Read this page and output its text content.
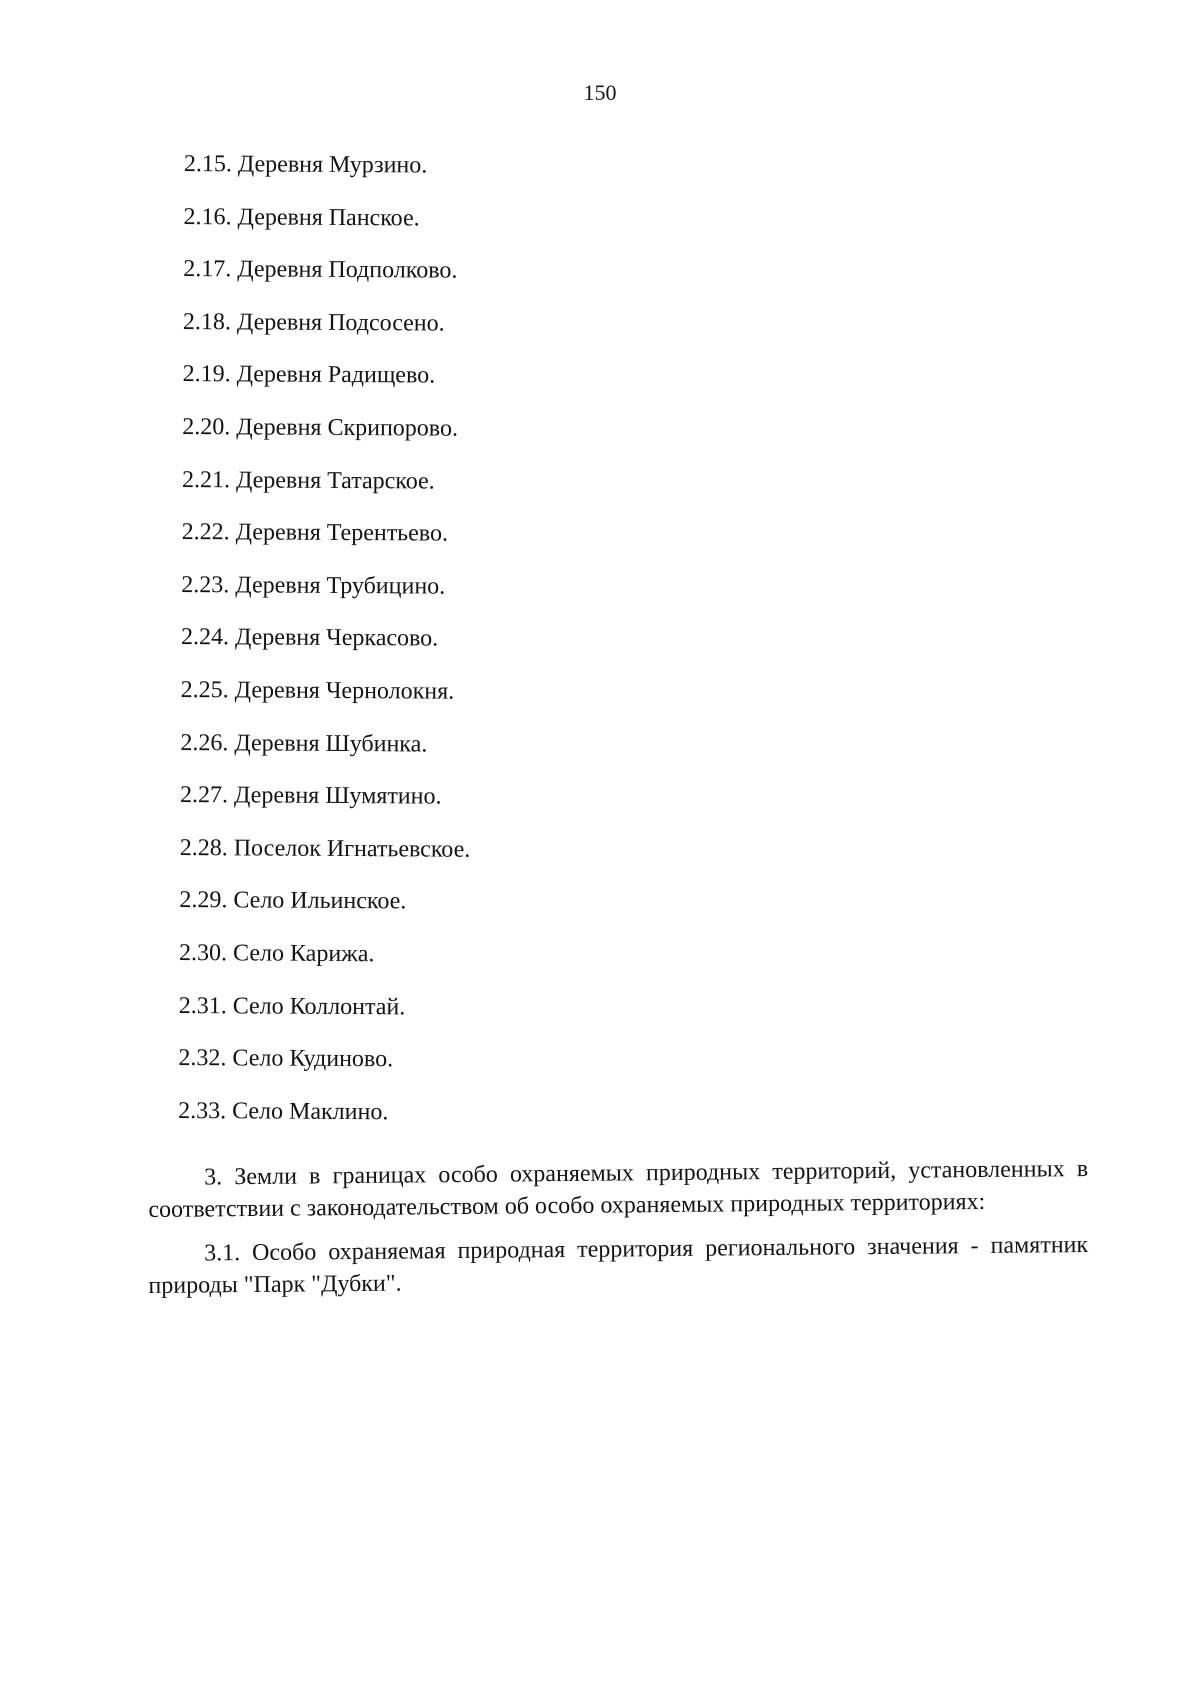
150
2.15. Деревня Мурзино.
2.16. Деревня Панское.
2.17. Деревня Подполково.
2.18. Деревня Подсосено.
2.19. Деревня Радищево.
2.20. Деревня Скрипорово.
2.21. Деревня Татарское.
2.22. Деревня Терентьево.
2.23. Деревня Трубицино.
2.24. Деревня Черкасово.
2.25. Деревня Чернолокня.
2.26. Деревня Шубинка.
2.27. Деревня Шумятино.
2.28. Поселок Игнатьевское.
2.29. Село Ильинское.
2.30. Село Карижа.
2.31. Село Коллонтай.
2.32. Село Кудиново.
2.33. Село Маклино.

3. Земли в границах особо охраняемых природных территорий, установленных в соответствии с законодательством об особо охраняемых природных территориях:

3.1. Особо охраняемая природная территория регионального значения - памятник природы "Парк "Дубки".
